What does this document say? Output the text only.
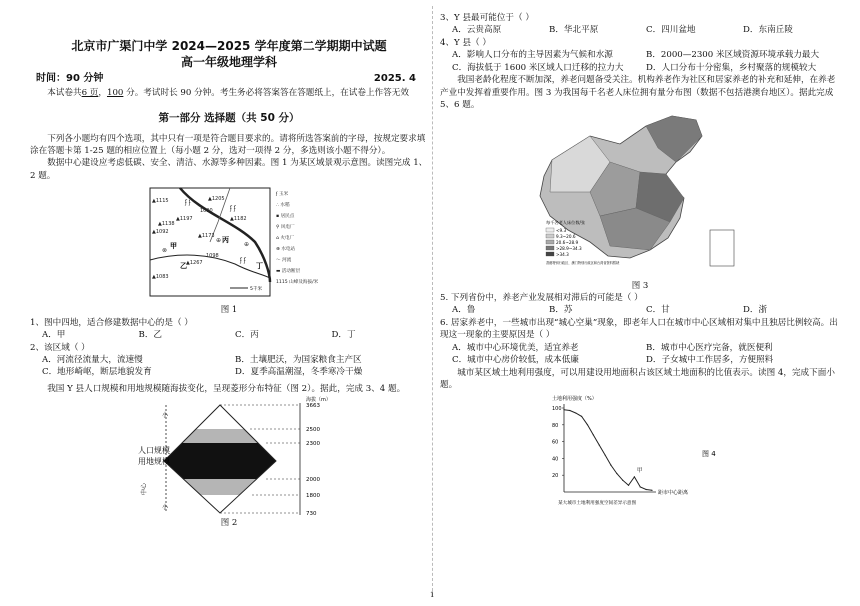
北京市广渠门中学 2024—2025 学年度第二学期期中试题

高一年级地理学科

时间：90 分钟	2025. 4

本试卷共6 页，100 分。考试时长 90 分钟。考生务必将答案答在答题纸上，在试卷上作答无效

第一部分 选择题（共 50 分）

下列各小题均有四个选项，其中只有一项是符合题目要求的。请将所选答案前的字母，按规定要求填涂在答题卡第 1-25 题的相应位置上（每小题 2 分，选对一项得 2 分，多选则该小题不得分）。

数据中心建设应考虑低碳、安全、清洁、水源等多种因素。图 1 为某区域景观示意图。读图完成 1、2 题。

▲1115	▲1205
1090
▲1138
▲1197	▲1182
▲1092
▲1173
1098
▲1267
▲1083
甲
乙
丙
丁
ʄ ʄ
ʄ ʄ
ʄ ʄ
⊕
⊕
⊗
ʄ 玉米
∴ 水稻
▪ 居民点
⚲ 风电厂
⌂ 火电厂
⊕ 水电站
～ 河流
▬ 活动断层
1115 山峰及海拔/米
5千米

图 1

1、图中四地，适合修建数据中心的是（ ）

A．甲	B．乙	C．丙	D．丁

2、该区域（ ）

A．河流径流量大，流速慢	B．土壤肥沃，为国家粮食主产区
C．地形崎岖，断层地貌发育	D．夏季高温潮湿，冬季寒冷干燥

我国 Y 县人口规模和用地规模随海拔变化，呈现菱形分布特征（图 2）。据此，完成 3、4 题。

小
小
人口规模
用地规模
中心
海拔（m）
3663
2500
2300
2000
1800
730

图 2

3、Y 县最可能位于（ ）

A．云贵高原	B．华北平原	C．四川盆地	D．东南丘陵

4、Y 县（ ）

A．影响人口分布的主导因素为气候和水源	B．2000—2300 米区域资源环境承载力最大
C．海拔低于 1600 米区域人口迁移的拉力大	D．人口分布十分密集，乡村聚落的规模较大

我国老龄化程度不断加深，养老问题备受关注。机构养老作为社区和居家养老的补充和延伸，在养老产业中发挥着重要作用。图 3 为我国每千名老人床位拥有量分布图（数据不包括港澳台地区）。据此完成 5、6 题。

每千名老人床位数/张
<9.3
9.3~20.6
20.6~28.9
>28.9~34.3
>34.3
香港特别行政区、澳门特别行政区和台湾省资料暂缺

图 3

5. 下列省份中，养老产业发展相对滞后的可能是（ ）

A．鲁	B．苏	C．甘	D．浙

6. 居家养老中，一些城市出现“城心空巢”现象，即老年人口在城市中心区域相对集中且独居比例较高。出现这一现象的主要原因是（ ）

A．城市中心环境优美，适宜养老	B．城市中心医疗完备，就医便利
C．城市中心房价较低，成本低廉	D．子女城中工作居多，方便照料

城市某区域土地利用强度，可以用建设用地面积占该区域土地面积的比值表示。读图 4，完成下面小题。

土地利用强度（%）
100
80
60
40
20
甲
距市中心距离
某大城市土地利用强度空间差异示意图
图 4
1
